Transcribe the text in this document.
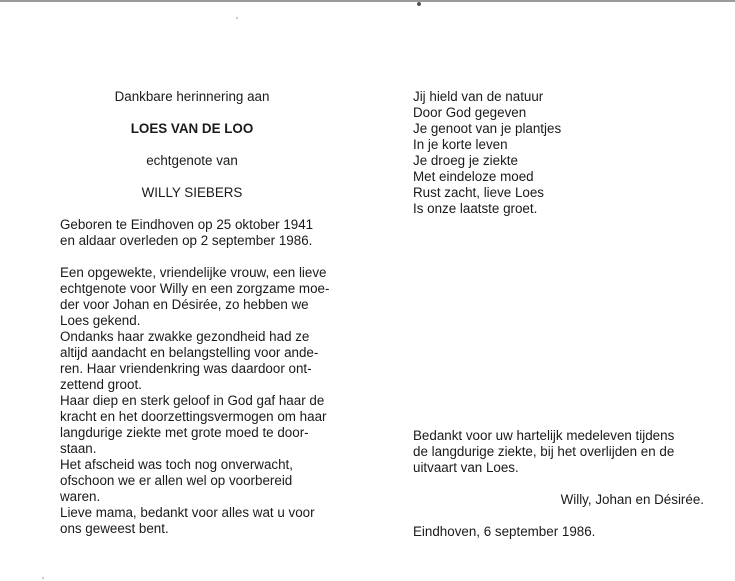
Dankbare herinnering aan
LOES VAN DE LOO
echtgenote van
WILLY SIEBERS
Geboren te Eindhoven op 25 oktober 1941
en aldaar overleden op 2 september 1986.
Een opgewekte, vriendelijke vrouw, een lieve
echtgenote voor Willy en een zorgzame moe-
der voor Johan en Désirée, zo hebben we
Loes gekend.
Ondanks haar zwakke gezondheid had ze
altijd aandacht en belangstelling voor ande-
ren. Haar vriendenkring was daardoor ont-
zettend groot.
Haar diep en sterk geloof in God gaf haar de
kracht en het doorzettingsvermogen om haar
langdurige ziekte met grote moed te door-
staan.
Het afscheid was toch nog onverwacht,
ofschoon we er allen wel op voorbereid
waren.
Lieve mama, bedankt voor alles wat u voor
ons geweest bent.
Jij hield van de natuur
Door God gegeven
Je genoot van je plantjes
In je korte leven
Je droeg je ziekte
Met eindeloze moed
Rust zacht, lieve Loes
Is onze laatste groet.
Bedankt voor uw hartelijk medeleven tijdens
de langdurige ziekte, bij het overlijden en de
uitvaart van Loes.
Willy, Johan en Désirée.
Eindhoven, 6 september 1986.
